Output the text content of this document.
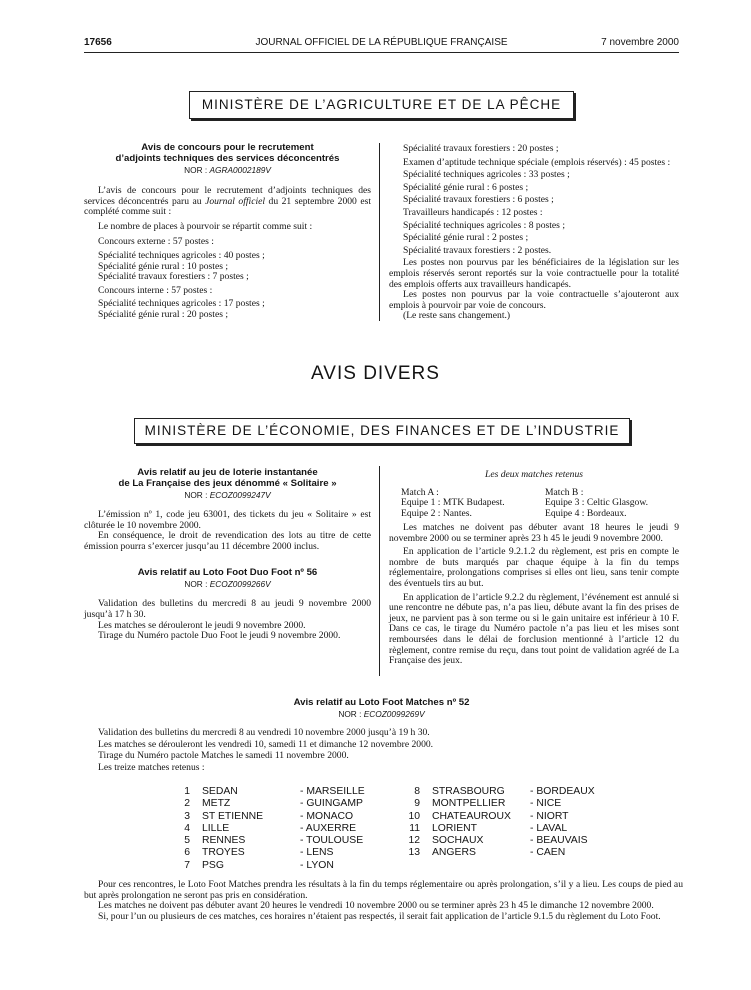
17656	JOURNAL OFFICIEL DE LA RÉPUBLIQUE FRANÇAISE	7 novembre 2000
MINISTÈRE DE L’AGRICULTURE ET DE LA PÊCHE
Avis de concours pour le recrutement
d’adjoints techniques des services déconcentrés
NOR : AGRA0002189V

L’avis de concours pour le recrutement d’adjoints techniques des services déconcentrés paru au Journal officiel du 21 septembre 2000 est complété comme suit :

Le nombre de places à pourvoir se répartit comme suit :

Concours externe : 57 postes :

Spécialité techniques agricoles : 40 postes ;

Spécialité génie rural : 10 postes ;

Spécialité travaux forestiers : 7 postes ;

Concours interne : 57 postes :

Spécialité techniques agricoles : 17 postes ;

Spécialité génie rural : 20 postes ;

Spécialité travaux forestiers : 20 postes ;

Examen d’aptitude technique spéciale (emplois réservés) : 45 postes :

Spécialité techniques agricoles : 33 postes ;

Spécialité génie rural : 6 postes ;

Spécialité travaux forestiers : 6 postes ;

Travailleurs handicapés : 12 postes :

Spécialité techniques agricoles : 8 postes ;

Spécialité génie rural : 2 postes ;

Spécialité travaux forestiers : 2 postes.

Les postes non pourvus par les bénéficiaires de la législation sur les emplois réservés seront reportés sur la voie contractuelle pour la totalité des emplois offerts aux travailleurs handicapés.

Les postes non pourvus par la voie contractuelle s’ajouteront aux emplois à pourvoir par voie de concours.

(Le reste sans changement.)

AVIS DIVERS
MINISTÈRE DE L’ÉCONOMIE, DES FINANCES ET DE L’INDUSTRIE
Avis relatif au jeu de loterie instantanée
de La Française des jeux dénommé « Solitaire »
NOR : ECOZ0099247V

L’émission nº 1, code jeu 63001, des tickets du jeu « Solitaire » est clôturée le 10 novembre 2000.

En conséquence, le droit de revendication des lots au titre de cette émission pourra s’exercer jusqu’au 11 décembre 2000 inclus.

Avis relatif au Loto Foot Duo Foot nº 56
NOR : ECOZ0099266V

Validation des bulletins du mercredi 8 au jeudi 9 novembre 2000 jusqu’à 17 h 30.

Les matches se dérouleront le jeudi 9 novembre 2000.

Tirage du Numéro pactole Duo Foot le jeudi 9 novembre 2000.

Les deux matches retenus
Match A :	Match B :
Equipe 1 : MTK Budapest.	Equipe 3 : Celtic Glasgow.
Equipe 2 : Nantes.	Equipe 4 : Bordeaux.

Les matches ne doivent pas débuter avant 18 heures le jeudi 9 novembre 2000 ou se terminer après 23 h 45 le jeudi 9 novembre 2000.

En application de l’article 9.2.1.2 du règlement, est pris en compte le nombre de buts marqués par chaque équipe à la fin du temps réglementaire, prolongations comprises si elles ont lieu, sans tenir compte des éventuels tirs au but.

En application de l’article 9.2.2 du règlement, l’événement est annulé si une rencontre ne débute pas, n’a pas lieu, débute avant la fin des prises de jeux, ne parvient pas à son terme ou si le gain unitaire est inférieur à 10 F. Dans ce cas, le tirage du Numéro pactole n’a pas lieu et les mises sont remboursées dans le délai de forclusion mentionné à l’article 12 du règlement, contre remise du reçu, dans tout point de validation agréé de La Française des jeux.

Avis relatif au Loto Foot Matches nº 52
NOR : ECOZ0099269V

Validation des bulletins du mercredi 8 au vendredi 10 novembre 2000 jusqu’à 19 h 30.

Les matches se dérouleront les vendredi 10, samedi 11 et dimanche 12 novembre 2000.

Tirage du Numéro pactole Matches le samedi 11 novembre 2000.

Les treize matches retenus :

1	SEDAN	- MARSEILLE
2	METZ	- GUINGAMP
3	ST ETIENNE	- MONACO
4	LILLE	- AUXERRE
5	RENNES	- TOULOUSE
6	TROYES	- LENS
7	PSG	- LYON

8	STRASBOURG	- BORDEAUX
9	MONTPELLIER	- NICE
10	CHATEAUROUX	- NIORT
11	LORIENT	- LAVAL
12	SOCHAUX	- BEAUVAIS
13	ANGERS	- CAEN

Pour ces rencontres, le Loto Foot Matches prendra les résultats à la fin du temps réglementaire ou après prolongation, s’il y a lieu. Les coups de pied au but après prolongation ne seront pas pris en considération.

Les matches ne doivent pas débuter avant 20 heures le vendredi 10 novembre 2000 ou se terminer après 23 h 45 le dimanche 12 novembre 2000.

Si, pour l’un ou plusieurs de ces matches, ces horaires n’étaient pas respectés, il serait fait application de l’article 9.1.5 du règlement du Loto Foot.
